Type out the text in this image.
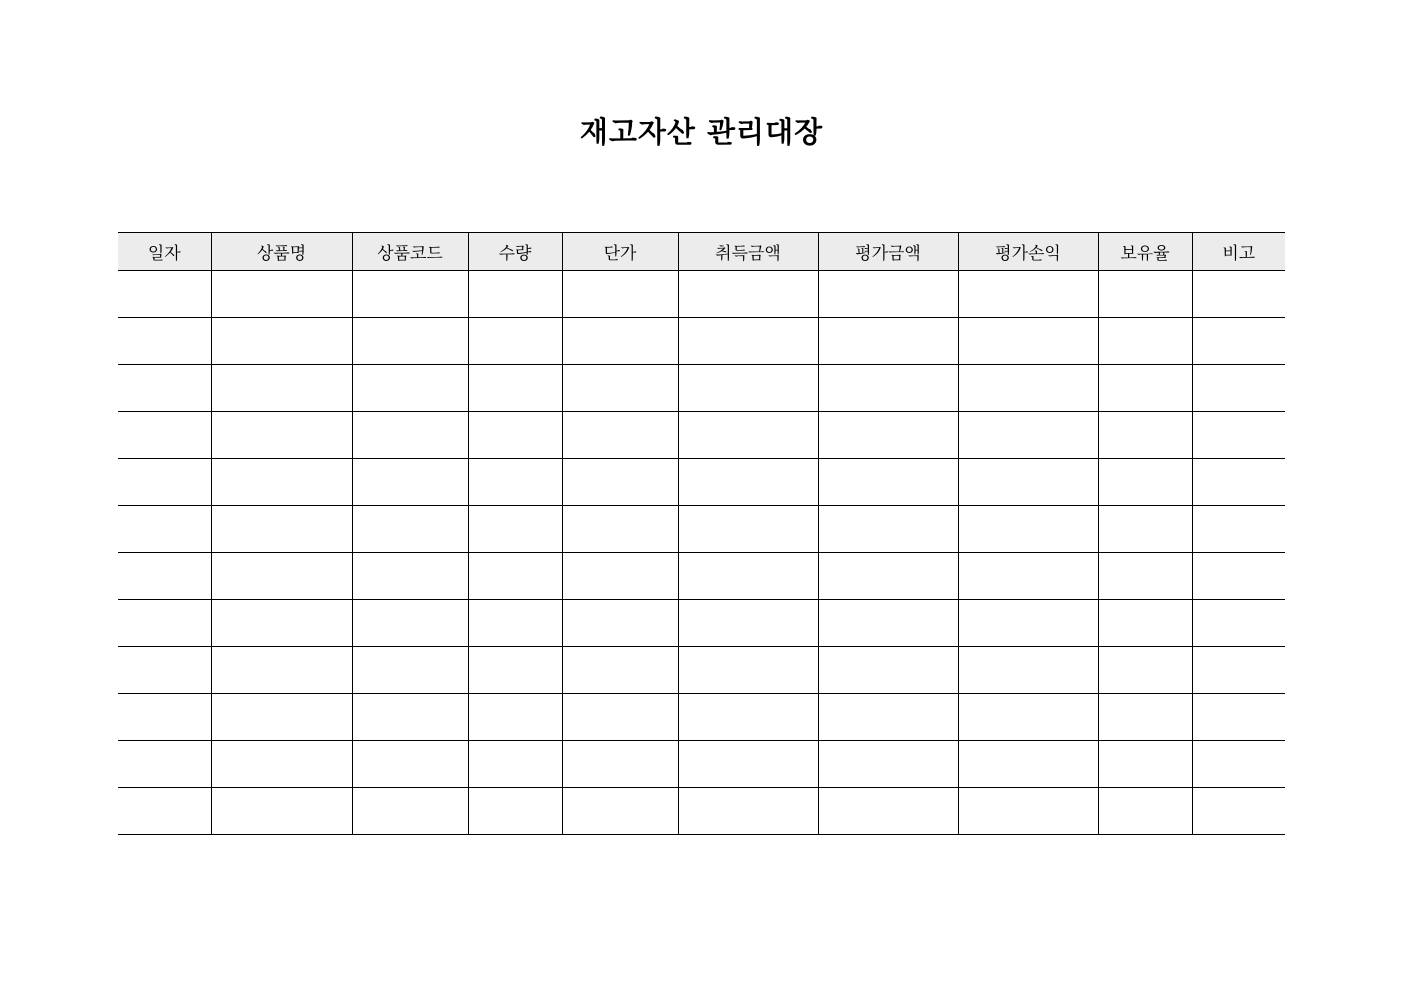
재고자산 관리대장
일자	상품명	상품코드	수량	단가	취득금액	평가금액	평가손익	보유율	비고
